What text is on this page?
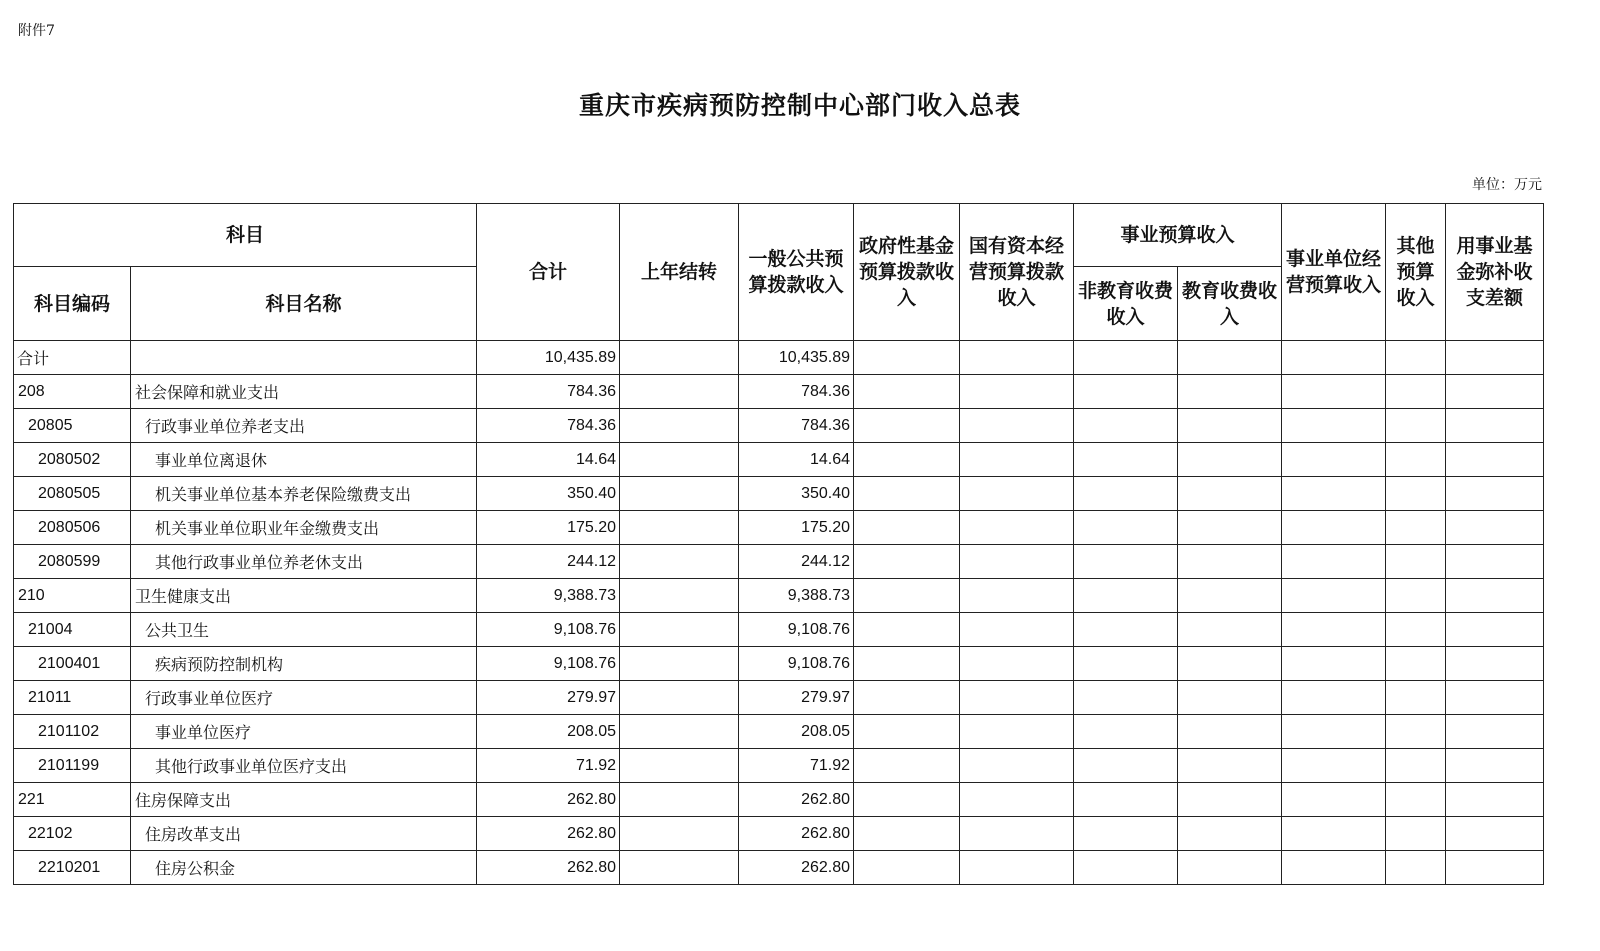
附件7
重庆市疾病预防控制中心部门收入总表
单位：万元
科目		合计	上年结转	一般公共预算拨款收入	政府性基金预算拨款收入	国有资本经营预算拨款收入	事业预算收入		事业单位经营预算收入	其他预算收入	用事业基金弥补收支差额
科目编码	科目名称						非教育收费收入	教育收费收入			
合计		10,435.89		10,435.89							
208	社会保障和就业支出	784.36		784.36							
20805	行政事业单位养老支出	784.36		784.36							
2080502	事业单位离退休	14.64		14.64							
2080505	机关事业单位基本养老保险缴费支出	350.40		350.40							
2080506	机关事业单位职业年金缴费支出	175.20		175.20							
2080599	其他行政事业单位养老休支出	244.12		244.12							
210	卫生健康支出	9,388.73		9,388.73							
21004	公共卫生	9,108.76		9,108.76							
2100401	疾病预防控制机构	9,108.76		9,108.76							
21011	行政事业单位医疗	279.97		279.97							
2101102	事业单位医疗	208.05		208.05							
2101199	其他行政事业单位医疗支出	71.92		71.92							
221	住房保障支出	262.80		262.80							
22102	住房改革支出	262.80		262.80							
2210201	住房公积金	262.80		262.80							
